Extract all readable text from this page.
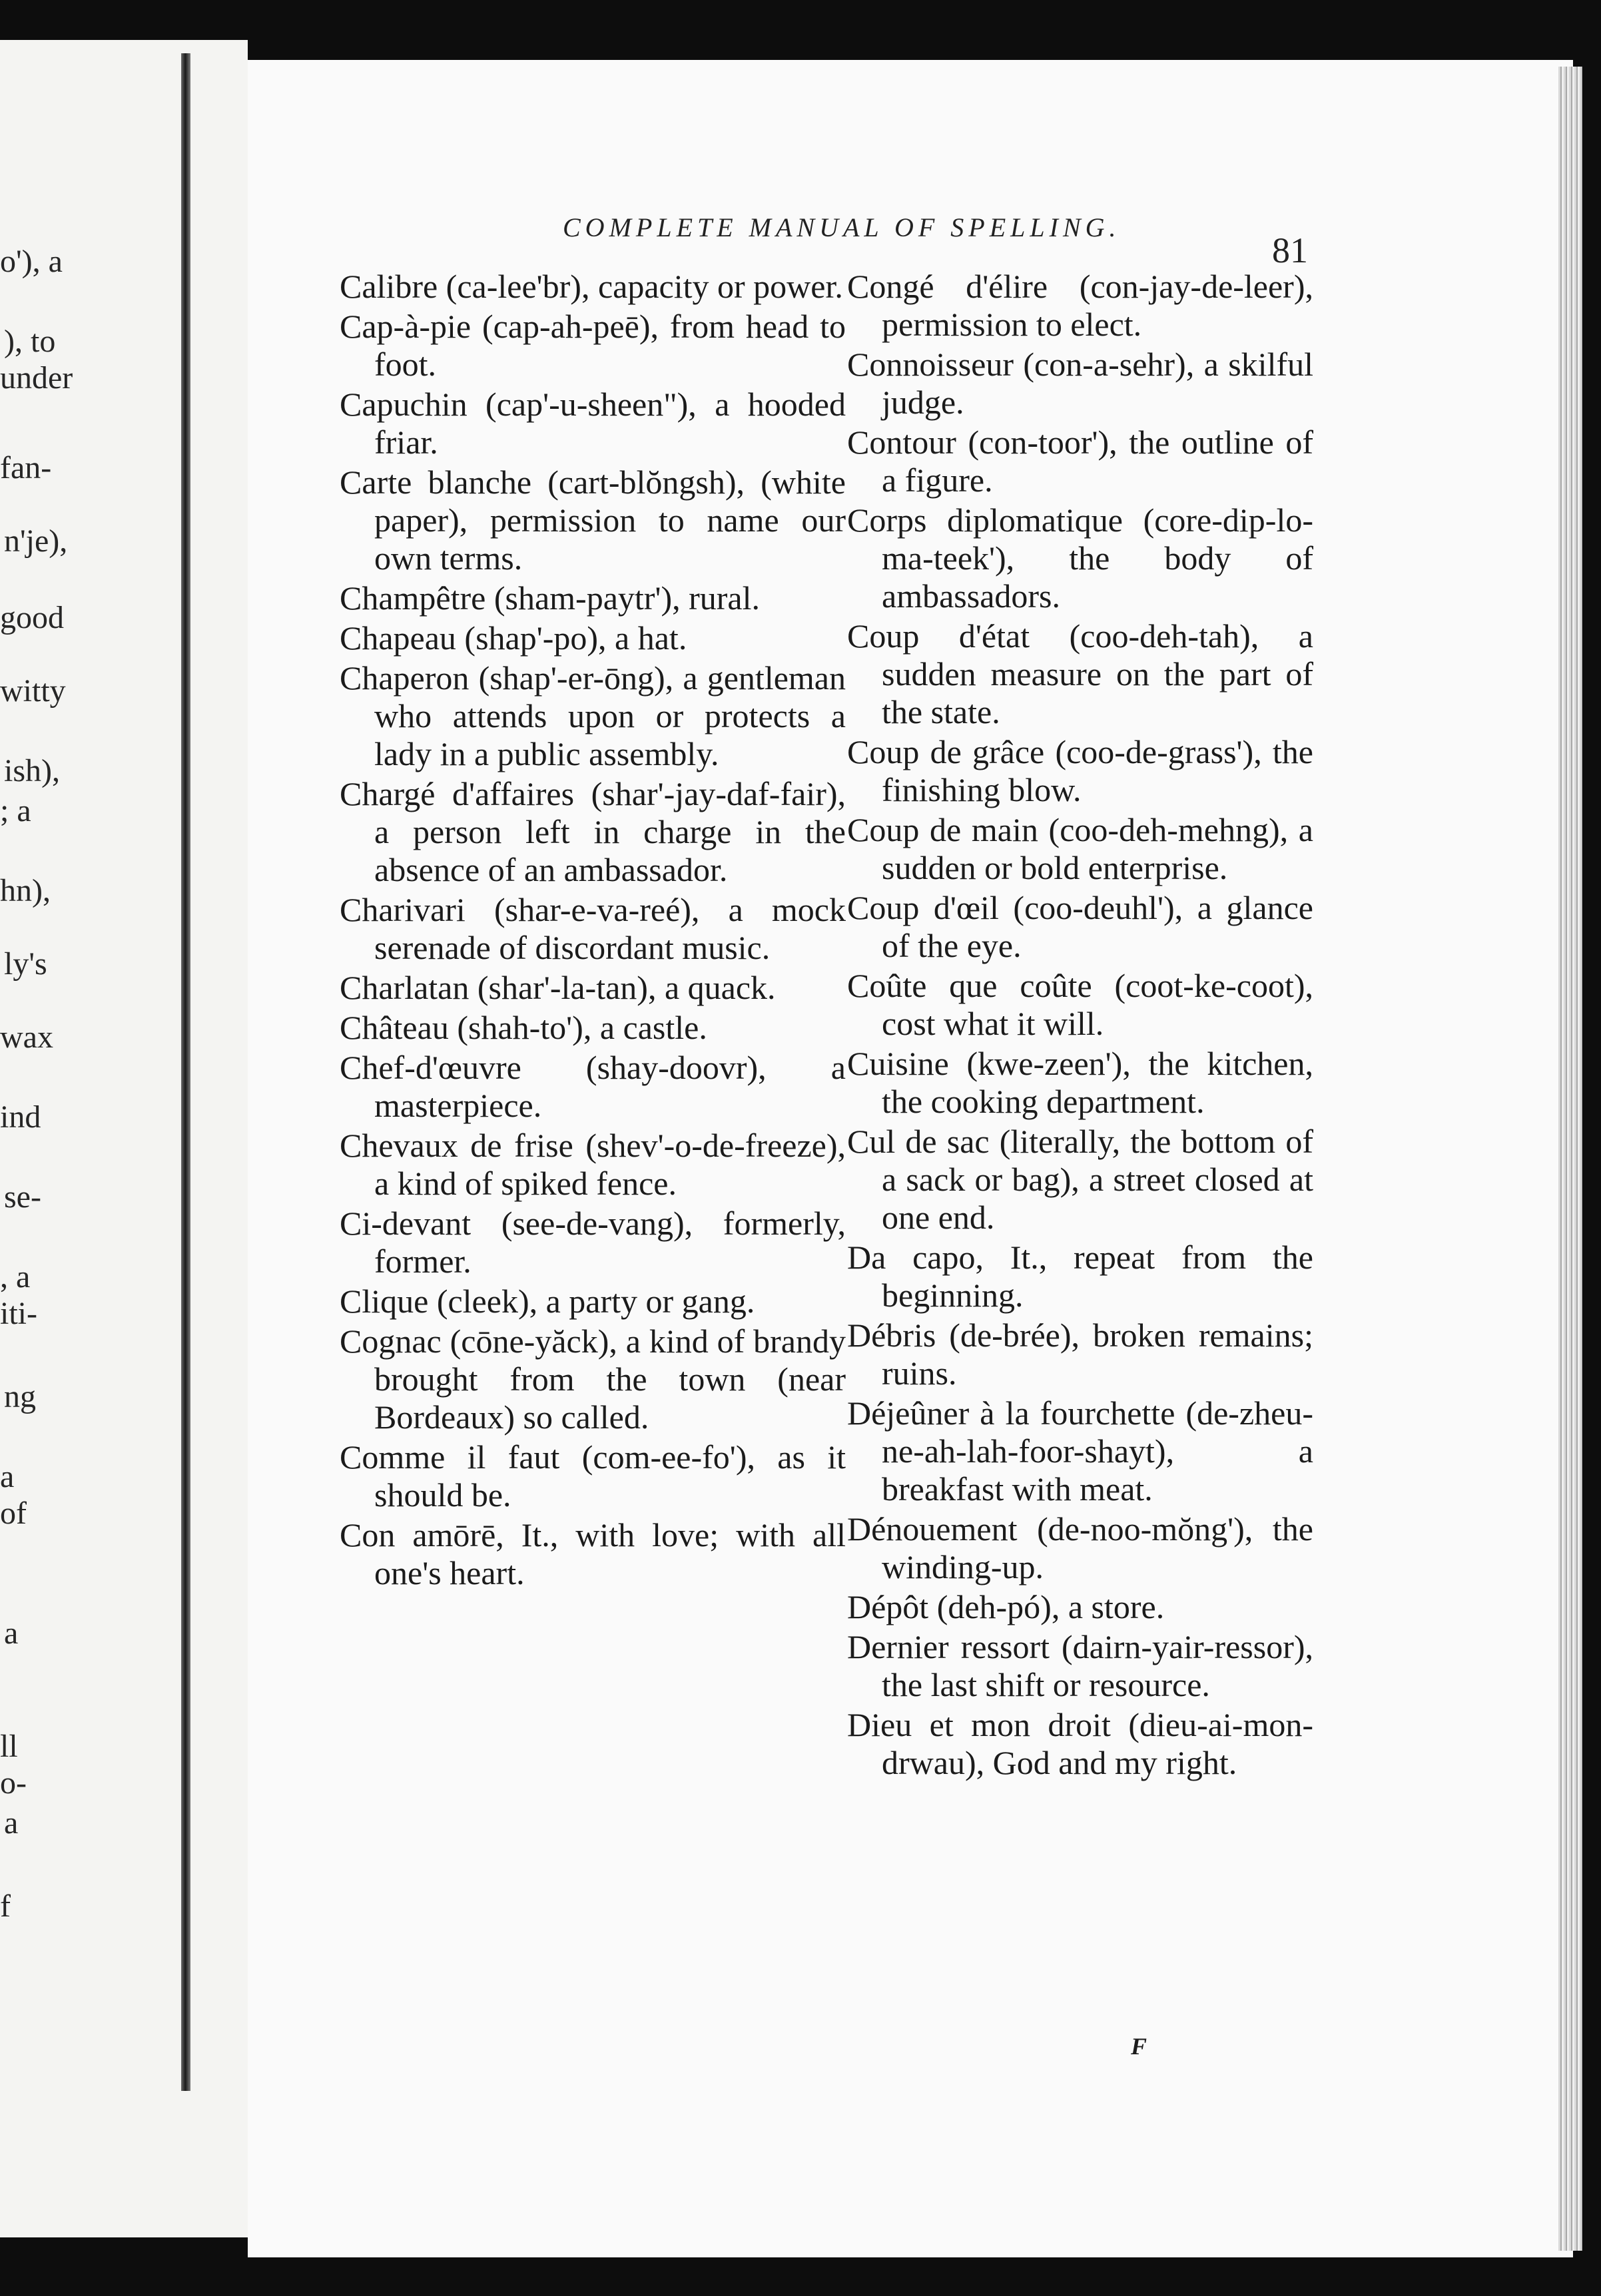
o'), a
), to
under
fan-
n'je),
good
witty
ish),
; a
hn),
ly's
wax
ind
se-
, a
iti-
ng
a
of
a
ll
o-
a
f
COMPLETE MANUAL OF SPELLING.
81

Calibre (ca-lee'br), capacity or power.

Cap-à-pie (cap-ah-peē), from head to foot.

Capuchin (cap'-u-sheen"), a hooded friar.

Carte blanche (cart-blŏngsh), (white paper), permission to name our own terms.

Champêtre (sham-paytr'), rural.

Chapeau (shap'-po), a hat.

Chaperon (shap'-er-ōng), a gentleman who attends upon or protects a lady in a public assembly.

Chargé d'affaires (shar'-jay-daf-fair), a person left in charge in the absence of an ambassador.

Charivari (shar-e-va-reé), a mock serenade of discordant music.

Charlatan (shar'-la-tan), a quack.

Château (shah-to'), a castle.

Chef-d'œuvre (shay-doovr), a masterpiece.

Chevaux de frise (shev'-o-de-freeze), a kind of spiked fence.

Ci-devant (see-de-vang), formerly, former.

Clique (cleek), a party or gang.

Cognac (cōne-yăck), a kind of brandy brought from the town (near Bordeaux) so called.

Comme il faut (com-ee-fo'), as it should be.

Con amōrē, It., with love; with all one's heart.

Congé d'élire (con-jay-de-leer), permission to elect.

Connoisseur (con-a-sehr), a skilful judge.

Contour (con-toor'), the outline of a figure.

Corps diplomatique (core-dip-lo-ma-teek'), the body of ambassadors.

Coup d'état (coo-deh-tah), a sudden measure on the part of the state.

Coup de grâce (coo-de-grass'), the finishing blow.

Coup de main (coo-deh-mehng), a sudden or bold enterprise.

Coup d'œil (coo-deuhl'), a glance of the eye.

Coûte que coûte (coot-ke-coot), cost what it will.

Cuisine (kwe-zeen'), the kitchen, the cooking department.

Cul de sac (literally, the bottom of a sack or bag), a street closed at one end.

Da capo, It., repeat from the beginning.

Débris (de-brée), broken remains; ruins.

Déjeûner à la fourchette (de-zheu-ne-ah-lah-foor-shayt), a breakfast with meat.

Dénouement (de-noo-mŏng'), the winding-up.

Dépôt (deh-pó), a store.

Dernier ressort (dairn-yair-ressor), the last shift or resource.

Dieu et mon droit (dieu-ai-mon-drwau), God and my right.

F
